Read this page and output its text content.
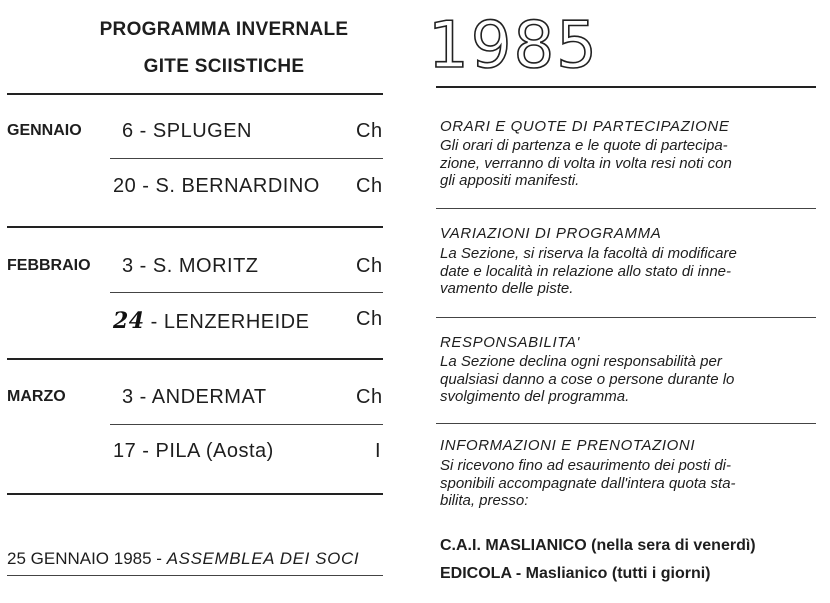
PROGRAMMA INVERNALE
GITE SCIISTICHE
GENNAIO 6 - SPLUGEN	Ch
20 - S. BERNARDINO Ch
FEBBRAIO 3 - S. MORITZ	Ch
24 - LENZERHEIDE Ch
MARZO	3 - ANDERMAT	Ch
17 - PILA (Aosta)	I
25 GENNAIO 1985 - ASSEMBLEA DEI SOCI
1985
ORARI E QUOTE DI PARTECIPAZIONE
Gli orari di partenza e le quote di partecipa-
zione, verranno di volta in volta resi noti con
gli appositi manifesti.
VARIAZIONI DI PROGRAMMA
La Sezione, si riserva la facoltà di modificare
date e località in relazione allo stato di inne-
vamento delle piste.
RESPONSABILITA'
La Sezione declina ogni responsabilità per
qualsiasi danno a cose o persone durante lo
svolgimento del programma.
INFORMAZIONI E PRENOTAZIONI
Si ricevono fino ad esaurimento dei posti di-
sponibili accompagnate dall'intera quota sta-
bilita, presso:
C.A.I. MASLIANICO (nella sera di venerdì)
EDICOLA - Maslianico (tutti i giorni)
